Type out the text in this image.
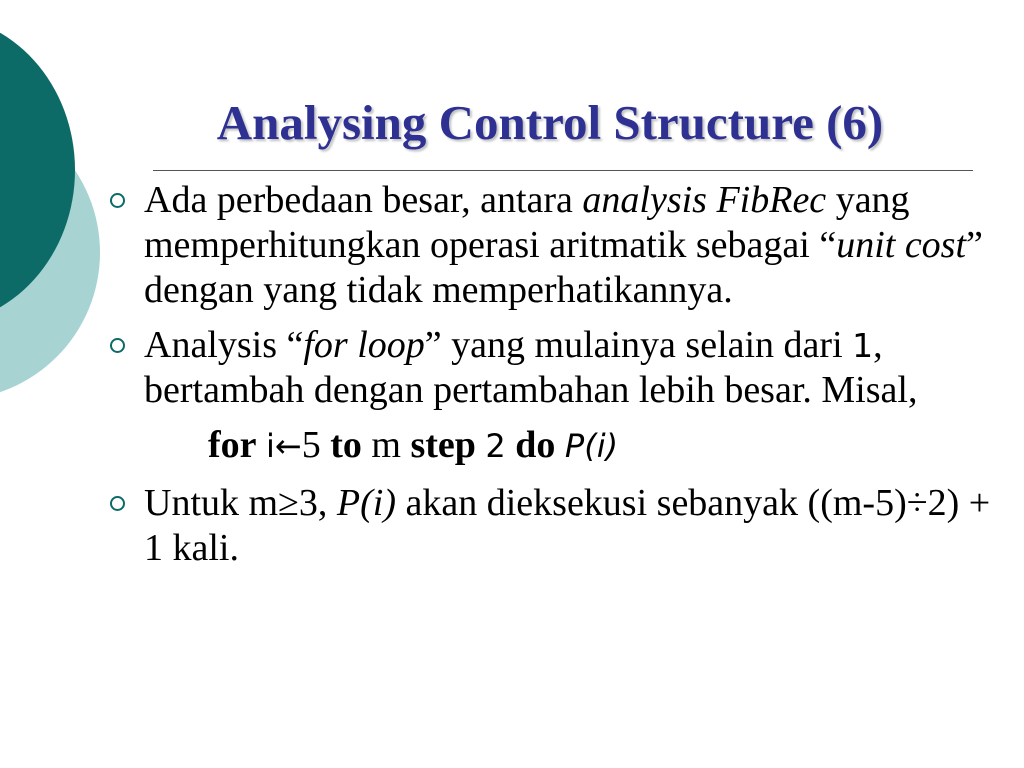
Analysing Control Structure (6)
Ada perbedaan besar, antara analysis FibRec yang memperhitungkan operasi aritmatik sebagai “unit cost” dengan yang tidak memperhatikannya.
Analysis “for loop” yang mulainya selain dari 1, bertambah dengan pertambahan lebih besar. Misal,
for i←5 to m step 2 do P(i)
Untuk m≥3, P(i) akan dieksekusi sebanyak ((m-5)÷2) + 1 kali.
